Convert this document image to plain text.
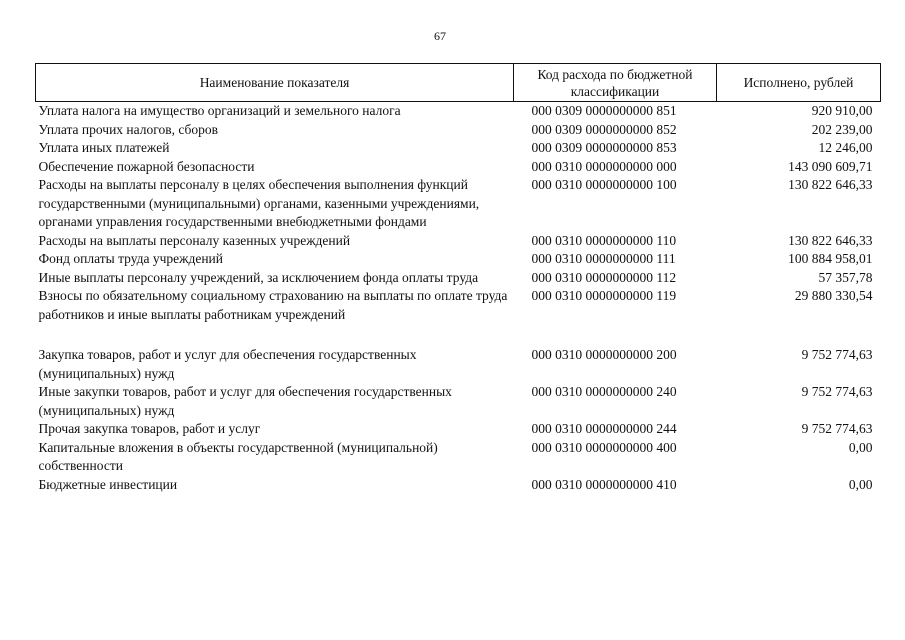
67
Наименование показателя	Код расхода по бюджетной классификации	Исполнено, рублей
Уплата налога на имущество организаций и земельного налога	000 0309 0000000000 851	920 910,00
Уплата прочих налогов, сборов	000 0309 0000000000 852	202 239,00
Уплата иных платежей	000 0309 0000000000 853	12 246,00
Обеспечение пожарной безопасности	000 0310 0000000000 000	143 090 609,71
Расходы на выплаты персоналу в целях обеспечения выполнения функций государственными (муниципальными) органами, казенными учреждениями, органами управления государственными внебюджетными фондами	000 0310 0000000000 100	130 822 646,33
Расходы на выплаты персоналу казенных учреждений	000 0310 0000000000 110	130 822 646,33
Фонд оплаты труда учреждений	000 0310 0000000000 111	100 884 958,01
Иные выплаты персоналу учреждений, за исключением фонда оплаты труда	000 0310 0000000000 112	57 357,78
Взносы по обязательному социальному страхованию на выплаты по оплате труда работников и иные выплаты работникам учреждений	000 0310 0000000000 119	29 880 330,54

Закупка товаров, работ и услуг для обеспечения государственных (муниципальных) нужд	000 0310 0000000000 200	9 752 774,63
Иные закупки товаров, работ и услуг для обеспечения государственных (муниципальных) нужд	000 0310 0000000000 240	9 752 774,63
Прочая закупка товаров, работ и услуг	000 0310 0000000000 244	9 752 774,63
Капитальные вложения в объекты государственной (муниципальной) собственности	000 0310 0000000000 400	0,00
Бюджетные инвестиции	000 0310 0000000000 410	0,00
